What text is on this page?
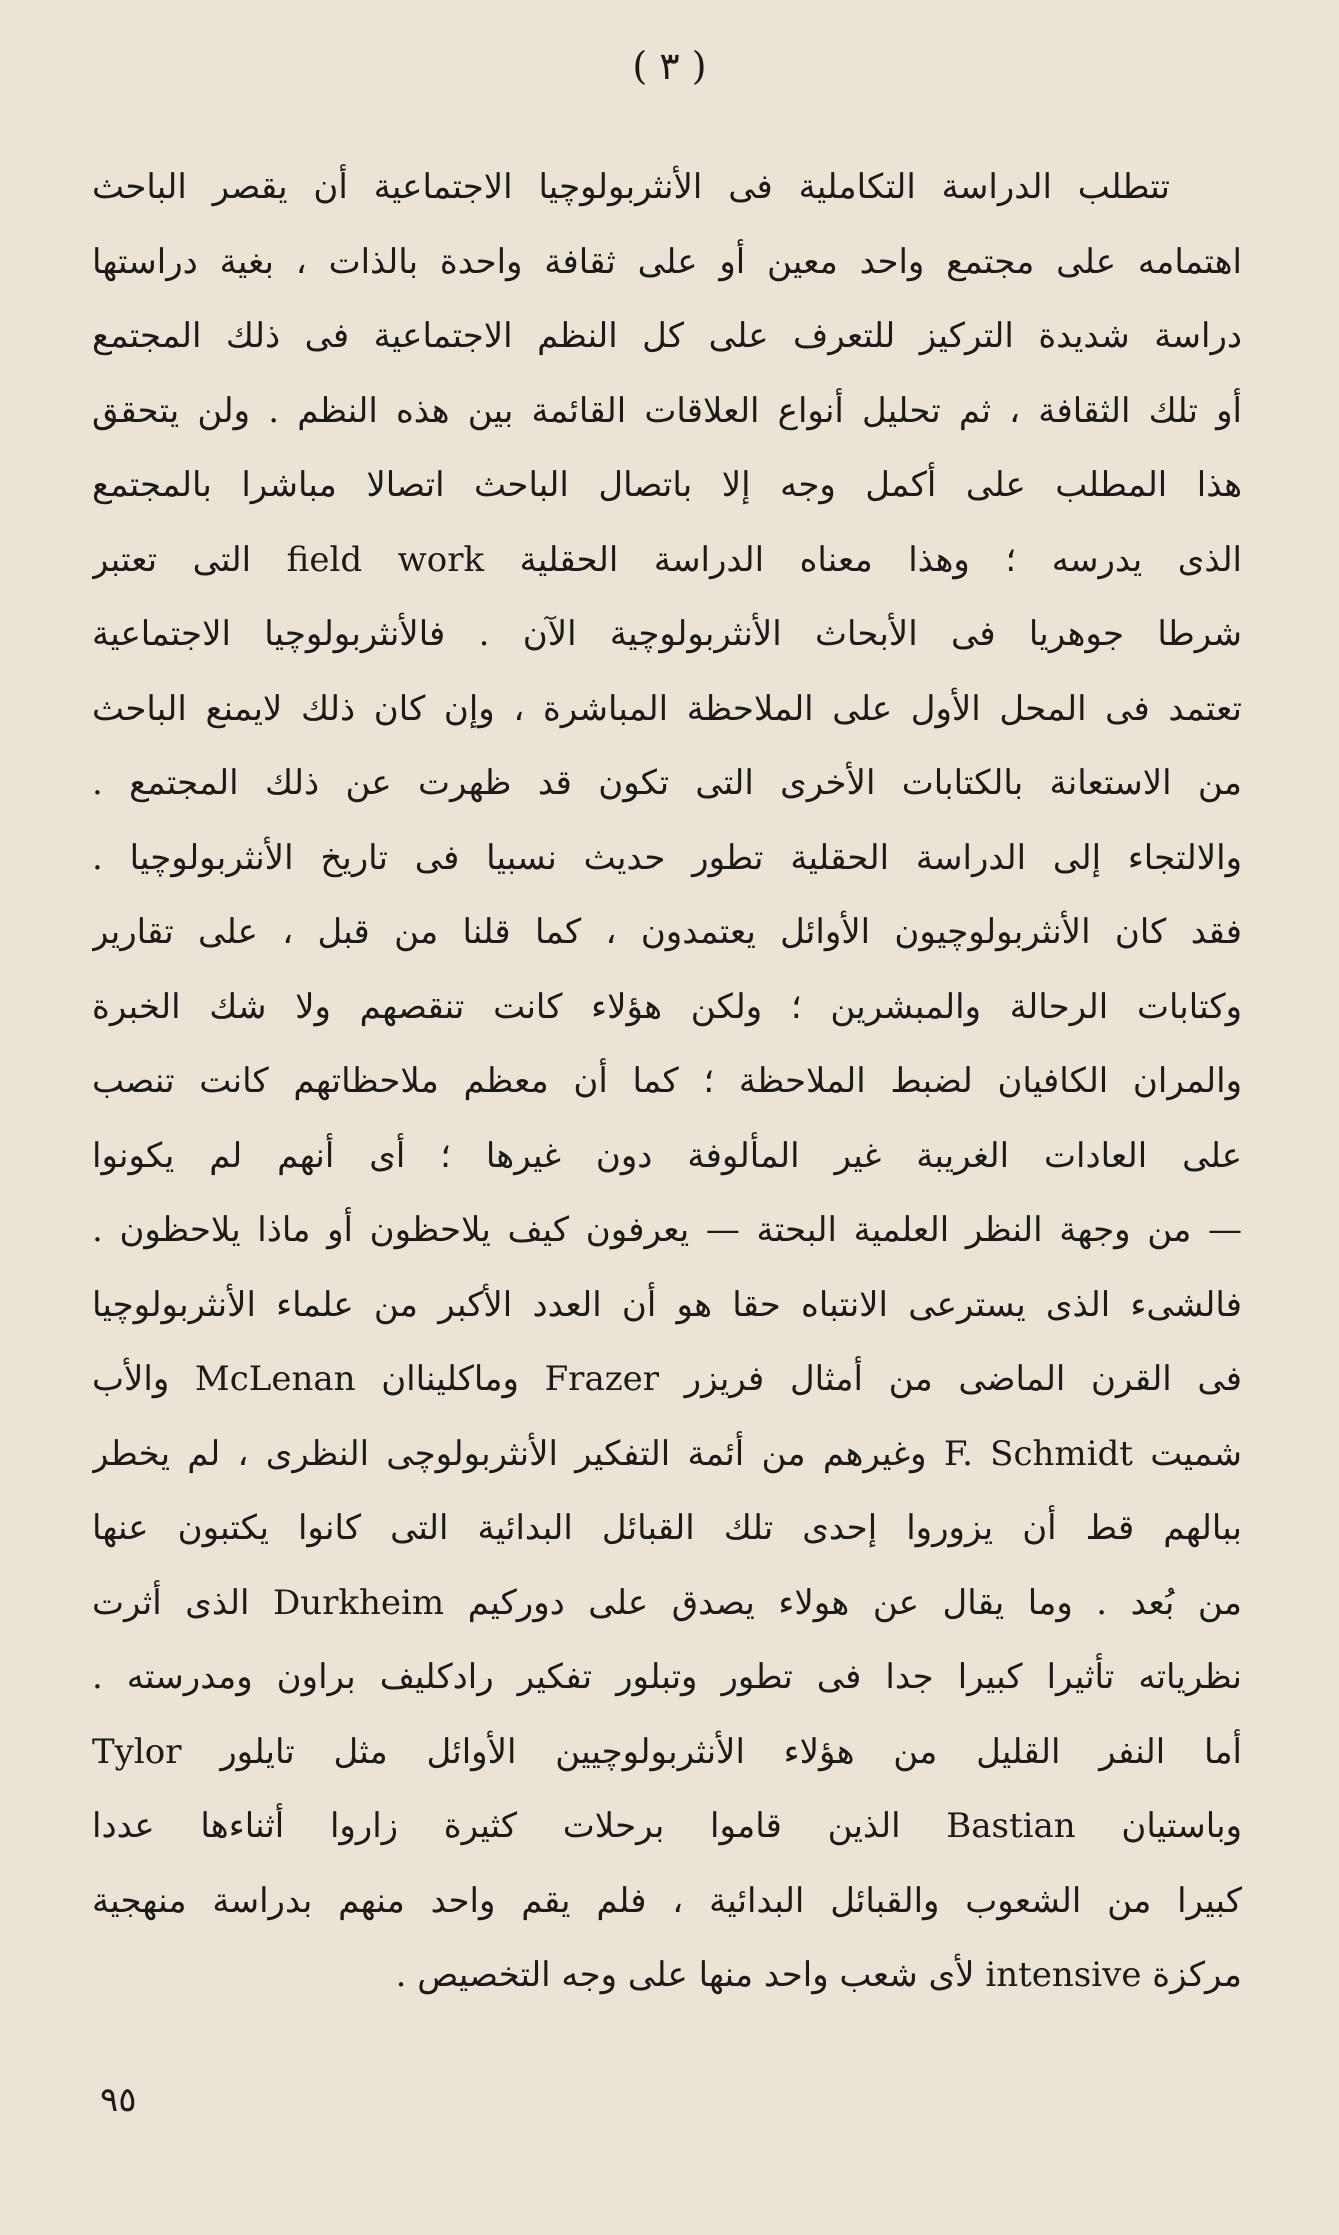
( ٣ )
تتطلب الدراسة التكاملية فى الأنثربولوچيا الاجتماعية أن يقصر الباحث
اهتمامه على مجتمع واحد معين أو على ثقافة واحدة بالذات ، بغية دراستها
دراسة شديدة التركيز للتعرف على كل النظم الاجتماعية فى ذلك المجتمع
أو تلك الثقافة ، ثم تحليل أنواع العلاقات القائمة بين هذه النظم . ولن يتحقق
هذا المطلب على أكمل وجه إلا باتصال الباحث اتصالا مباشرا بالمجتمع
الذى يدرسه ؛ وهذا معناه الدراسة الحقلية field work التى تعتبر
شرطا جوهريا فى الأبحاث الأنثربولوچية الآن . فالأنثربولوچيا الاجتماعية
تعتمد فى المحل الأول على الملاحظة المباشرة ، وإن كان ذلك لايمنع الباحث
من الاستعانة بالكتابات الأخرى التى تكون قد ظهرت عن ذلك المجتمع .
والالتجاء إلى الدراسة الحقلية تطور حديث نسبيا فى تاريخ الأنثربولوچيا .
فقد كان الأنثربولوچيون الأوائل يعتمدون ، كما قلنا من قبل ، على تقارير
وكتابات الرحالة والمبشرين ؛ ولكن هؤلاء كانت تنقصهم ولا شك الخبرة
والمران الكافيان لضبط الملاحظة ؛ كما أن معظم ملاحظاتهم كانت تنصب
على العادات الغريبة غير المألوفة دون غيرها ؛ أى أنهم لم يكونوا
— من وجهة النظر العلمية البحتة — يعرفون كيف يلاحظون أو ماذا يلاحظون .
فالشىء الذى يسترعى الانتباه حقا هو أن العدد الأكبر من علماء الأنثربولوچيا
فى القرن الماضى من أمثال فريزر Frazer وماكليناان McLenan والأب
شميت F. Schmidt وغيرهم من أئمة التفكير الأنثربولوچى النظرى ، لم يخطر
ببالهم قط أن يزوروا إحدى تلك القبائل البدائية التى كانوا يكتبون عنها
من بُعد . وما يقال عن هولاء يصدق على دوركيم Durkheim الذى أثرت
نظرياته تأثيرا كبيرا جدا فى تطور وتبلور تفكير رادكليف براون ومدرسته .
أما النفر القليل من هؤلاء الأنثربولوچيين الأوائل مثل تايلور Tylor
وباستيان Bastian الذين قاموا برحلات كثيرة زاروا أثناءها عددا
كبيرا من الشعوب والقبائل البدائية ، فلم يقم واحد منهم بدراسة منهجية
مركزة intensive لأى شعب واحد منها على وجه التخصيص .
٩٥
